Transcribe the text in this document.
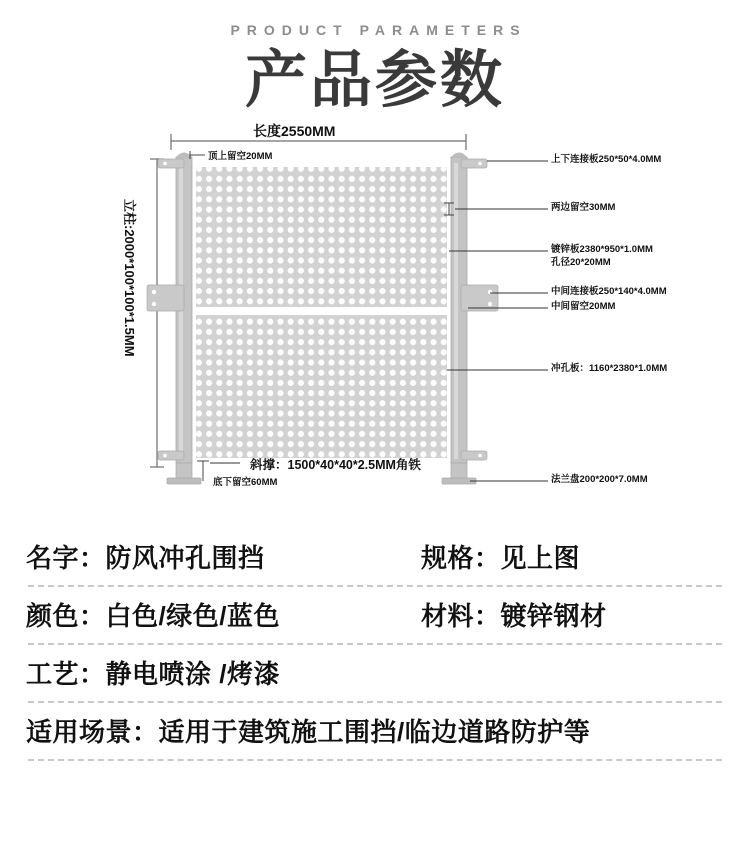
PRODUCT PARAMETERS
产品参数
长度2550MM
立柱:2000*100*100*1.5MM
顶上留空20MM
底下留空60MM
斜撑：1500*40*40*2.5MM角铁
上下连接板250*50*4.0MM
两边留空30MM
镀锌板2380*950*1.0MM
孔径20*20MM
中间连接板250*140*4.0MM
中间留空20MM
冲孔板：1160*2380*1.0MM
法兰盘200*200*7.0MM
名字：防风冲孔围挡	规格：见上图
颜色：白色/绿色/蓝色	材料：镀锌钢材
工艺：静电喷涂 /烤漆
适用场景：适用于建筑施工围挡/临边道路防护等
